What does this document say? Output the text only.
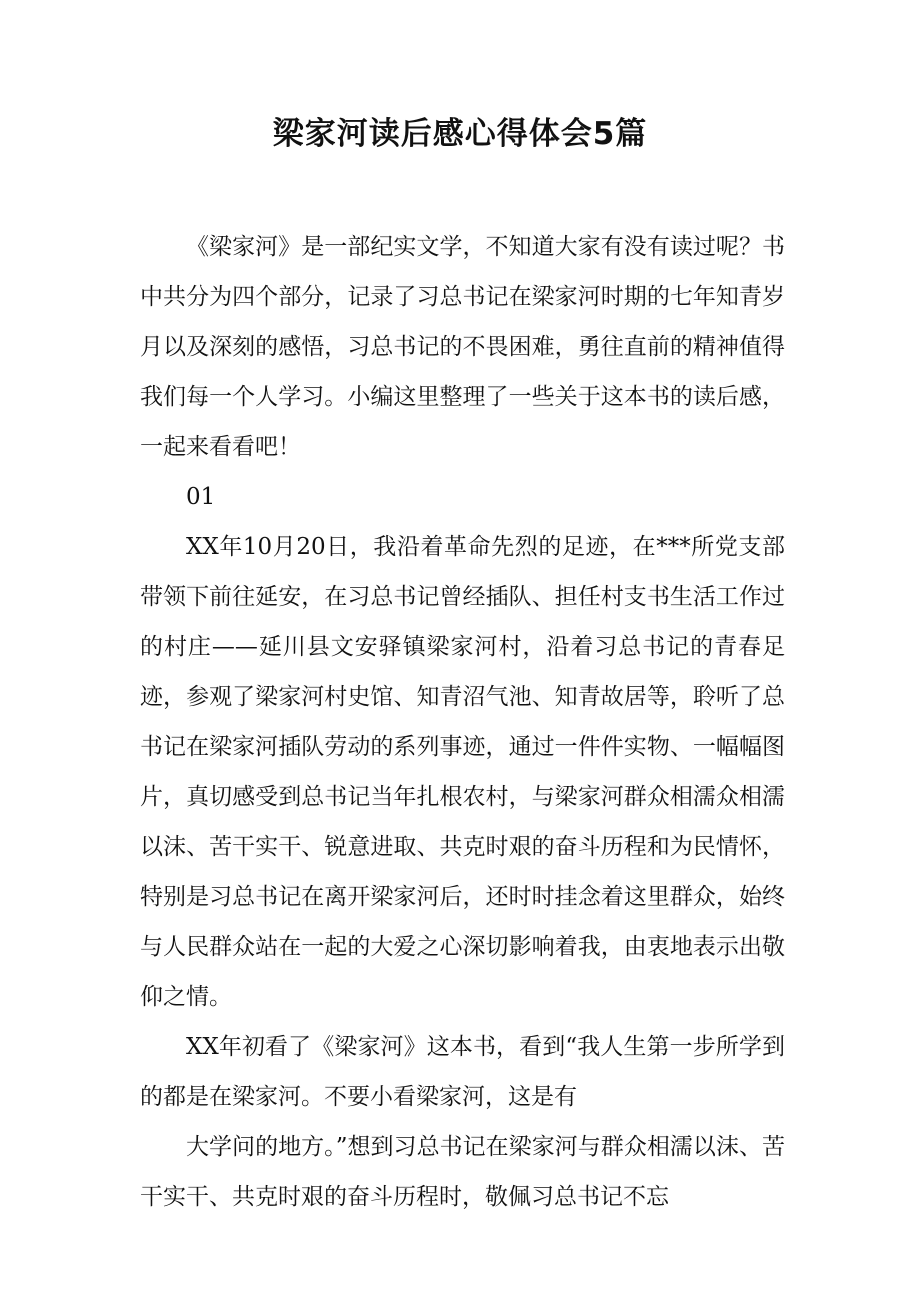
梁家河读后感心得体会5篇

《梁家河》是一部纪实文学，不知道大家有没有读过呢？书中共分为四个部分，记录了习总书记在梁家河时期的七年知青岁月以及深刻的感悟，习总书记的不畏困难，勇往直前的精神值得我们每一个人学习。小编这里整理了一些关于这本书的读后感，一起来看看吧！

01

XX年10月20日，我沿着革命先烈的足迹，在***所党支部带领下前往延安，在习总书记曾经插队、担任村支书生活工作过的村庄——延川县文安驿镇梁家河村，沿着习总书记的青春足迹，参观了梁家河村史馆、知青沼气池、知青故居等，聆听了总书记在梁家河插队劳动的系列事迹，通过一件件实物、一幅幅图片，真切感受到总书记当年扎根农村，与梁家河群众相濡众相濡以沫、苦干实干、锐意进取、共克时艰的奋斗历程和为民情怀，特别是习总书记在离开梁家河后，还时时挂念着这里群众，始终与人民群众站在一起的大爱之心深切影响着我，由衷地表示出敬仰之情。

XX年初看了《梁家河》这本书，看到“我人生第一步所学到的都是在梁家河。不要小看梁家河，这是有

大学问的地方。”想到习总书记在梁家河与群众相濡以沫、苦干实干、共克时艰的奋斗历程时，敬佩习总书记不忘
